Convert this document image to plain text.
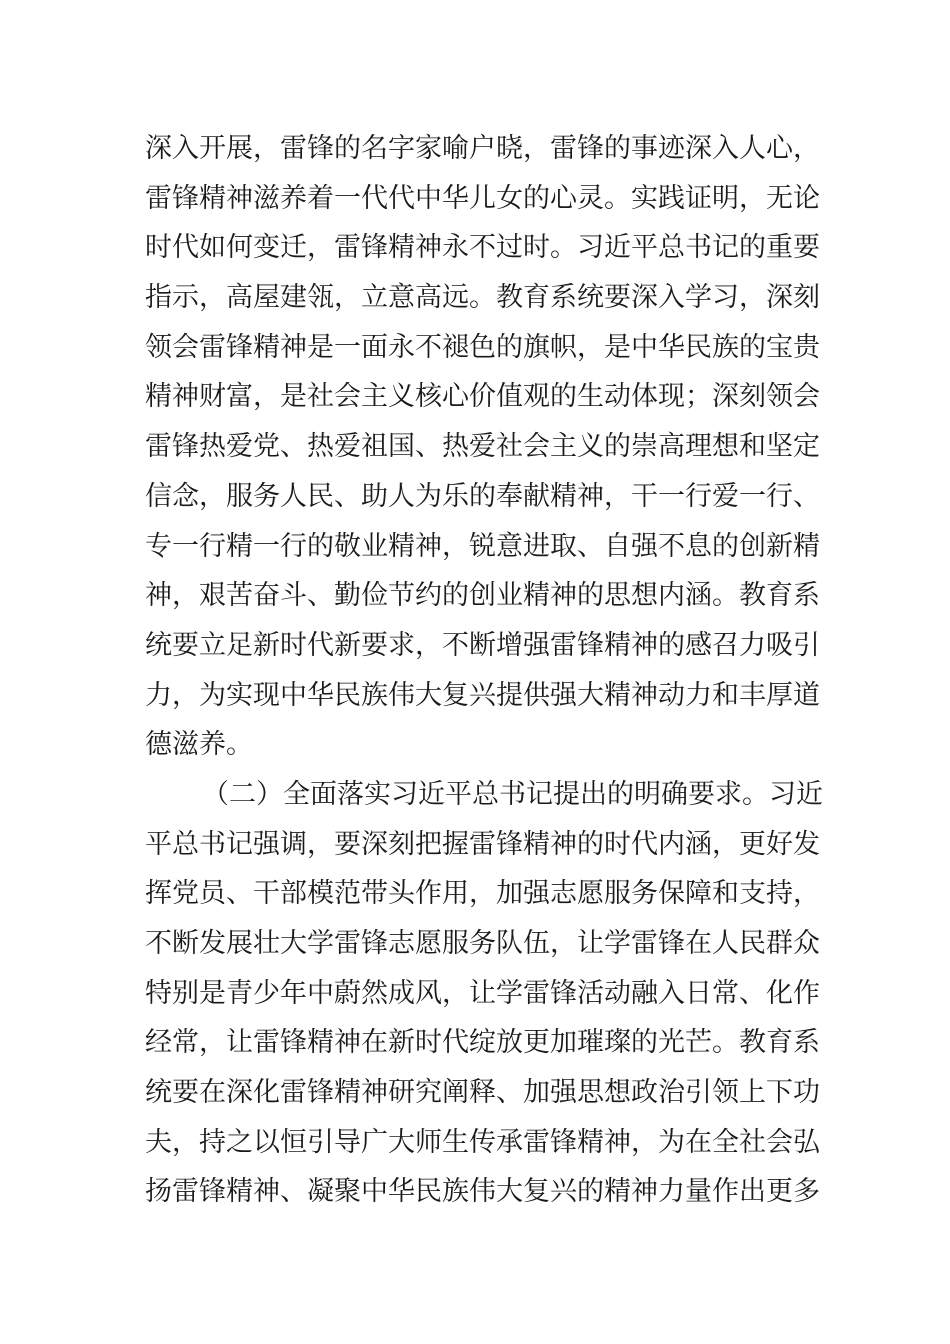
深入开展，雷锋的名字家喻户晓，雷锋的事迹深入人心，
雷锋精神滋养着一代代中华儿女的心灵。实践证明，无论
时代如何变迁，雷锋精神永不过时。习近平总书记的重要
指示，高屋建瓴，立意高远。教育系统要深入学习，深刻
领会雷锋精神是一面永不褪色的旗帜，是中华民族的宝贵
精神财富，是社会主义核心价值观的生动体现；深刻领会
雷锋热爱党、热爱祖国、热爱社会主义的崇高理想和坚定
信念，服务人民、助人为乐的奉献精神，干一行爱一行、
专一行精一行的敬业精神，锐意进取、自强不息的创新精
神，艰苦奋斗、勤俭节约的创业精神的思想内涵。教育系
统要立足新时代新要求，不断增强雷锋精神的感召力吸引
力，为实现中华民族伟大复兴提供强大精神动力和丰厚道
德滋养。
（二）全面落实习近平总书记提出的明确要求。习近
平总书记强调，要深刻把握雷锋精神的时代内涵，更好发
挥党员、干部模范带头作用，加强志愿服务保障和支持，
不断发展壮大学雷锋志愿服务队伍，让学雷锋在人民群众
特别是青少年中蔚然成风，让学雷锋活动融入日常、化作
经常，让雷锋精神在新时代绽放更加璀璨的光芒。教育系
统要在深化雷锋精神研究阐释、加强思想政治引领上下功
夫，持之以恒引导广大师生传承雷锋精神，为在全社会弘
扬雷锋精神、凝聚中华民族伟大复兴的精神力量作出更多
